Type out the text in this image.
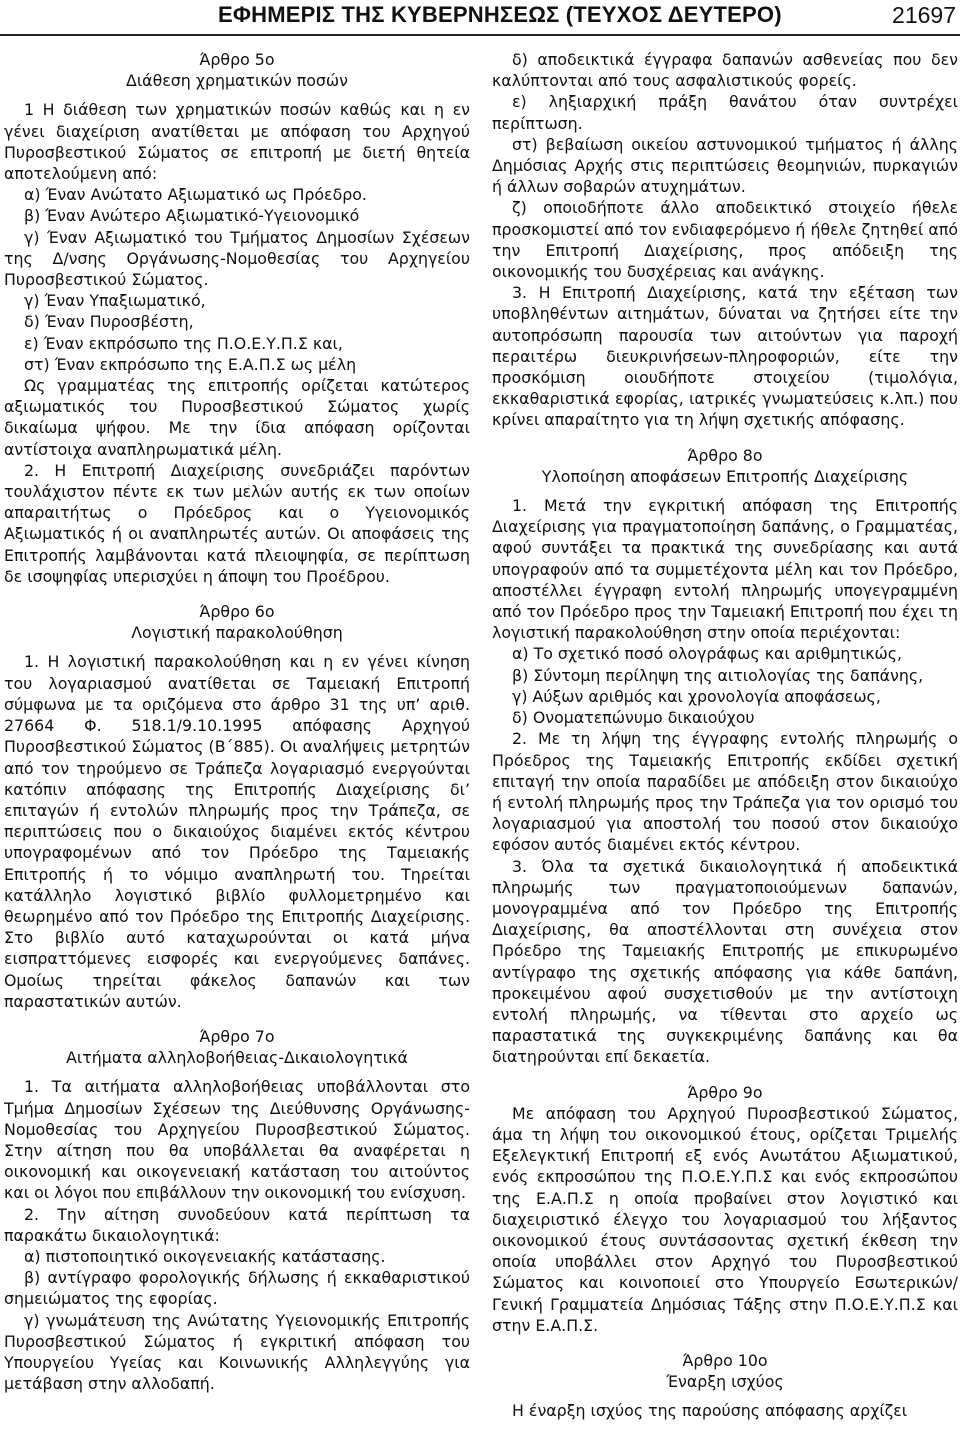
ΕΦΗΜΕΡΙΣ ΤΗΣ ΚΥΒΕΡΝΗΣΕΩΣ (ΤΕΥΧΟΣ ΔΕΥΤΕΡΟ)	21697
Άρθρο 5ο
Διάθεση χρηματικών ποσών

1 Η διάθεση των χρηματικών ποσών καθώς και η εν γένει διαχείριση ανατίθεται με απόφαση του Αρχηγού Πυροσβεστικού Σώματος σε επιτροπή με διετή θητεία αποτελούμενη από:

α) Έναν Ανώτατο Αξιωματικό ως Πρόεδρο.

β) Έναν Ανώτερο Αξιωματικό-Υγειονομικό

γ) Έναν Αξιωματικό του Τμήματος Δημοσίων Σχέσεων της Δ/νσης Οργάνωσης-Νομοθεσίας του Αρχηγείου Πυροσβεστικού Σώματος.

γ) Έναν Υπαξιωματικό,

δ) Έναν Πυροσβέστη,

ε) Έναν εκπρόσωπο της Π.Ο.Ε.Υ.Π.Σ και,

στ) Έναν εκπρόσωπο της Ε.Α.Π.Σ ως μέλη

Ως γραμματέας της επιτροπής ορίζεται κατώτερος αξιωματικός του Πυροσβεστικού Σώματος χωρίς δικαίωμα ψήφου. Με την ίδια απόφαση ορίζονται αντίστοιχα αναπληρωματικά μέλη.

2. Η Επιτροπή Διαχείρισης συνεδριάζει παρόντων τουλάχιστον πέντε εκ των μελών αυτής εκ των οποίων απαραιτήτως ο Πρόεδρος και ο Υγειονομικός Αξιωματικός ή οι αναπληρωτές αυτών. Οι αποφάσεις της Επιτροπής λαμβάνονται κατά πλειοψηφία, σε περίπτωση δε ισοψηφίας υπερισχύει η άποψη του Προέδρου.

Άρθρο 6ο
Λογιστική παρακολούθηση

1. Η λογιστική παρακολούθηση και η εν γένει κίνηση του λογαριασμού ανατίθεται σε Ταμειακή Επιτροπή σύμφωνα με τα οριζόμενα στο άρθρο 31 της υπ’ αριθ. 27664 Φ. 518.1/9.10.1995 απόφασης Αρχηγού Πυροσβεστικού Σώματος (Β΄885). Οι αναλήψεις μετρητών από τον τηρούμενο σε Τράπεζα λογαριασμό ενεργούνται κατόπιν απόφασης της Επιτροπής Διαχείρισης δι’ επιταγών ή εντολών πληρωμής προς την Τράπεζα, σε περιπτώσεις που ο δικαιούχος διαμένει εκτός κέντρου υπογραφομένων από τον Πρόεδρο της Ταμειακής Επιτροπής ή το νόμιμο αναπληρωτή του. Τηρείται κατάλληλο λογιστικό βιβλίο φυλλομετρημένο και θεωρημένο από τον Πρόεδρο της Επιτροπής Διαχείρισης. Στο βιβλίο αυτό καταχωρούνται οι κατά μήνα εισπραττόμενες εισφορές και ενεργούμενες δαπάνες. Ομοίως τηρείται φάκελος δαπανών και των παραστατικών αυτών.

Άρθρο 7ο
Αιτήματα αλληλοβοήθειας-Δικαιολογητικά

1. Τα αιτήματα αλληλοβοήθειας υποβάλλονται στο Τμήμα Δημοσίων Σχέσεων της Διεύθυνσης Οργάνωσης-Νομοθεσίας του Αρχηγείου Πυροσβεστικού Σώματος. Στην αίτηση που θα υποβάλλεται θα αναφέρεται η οικονομική και οικογενειακή κατάσταση του αιτούντος και οι λόγοι που επιβάλλουν την οικονομική του ενίσχυση.

2. Την αίτηση συνοδεύουν κατά περίπτωση τα παρακάτω δικαιολογητικά:

α) πιστοποιητικό οικογενειακής κατάστασης.

β) αντίγραφο φορολογικής δήλωσης ή εκκαθαριστικού σημειώματος της εφορίας.

γ) γνωμάτευση της Ανώτατης Υγειονομικής Επιτροπής Πυροσβεστικού Σώματος ή εγκριτική απόφαση του Υπουργείου Υγείας και Κοινωνικής Αλληλεγγύης για μετάβαση στην αλλοδαπή.

δ) αποδεικτικά έγγραφα δαπανών ασθενείας που δεν καλύπτονται από τους ασφαλιστικούς φορείς.

ε) ληξιαρχική πράξη θανάτου όταν συντρέχει περίπτωση.

στ) βεβαίωση οικείου αστυνομικού τμήματος ή άλλης Δημόσιας Αρχής στις περιπτώσεις θεομηνιών, πυρκαγιών ή άλλων σοβαρών ατυχημάτων.

ζ) οποιοδήποτε άλλο αποδεικτικό στοιχείο ήθελε προσκομιστεί από τον ενδιαφερόμενο ή ήθελε ζητηθεί από την Επιτροπή Διαχείρισης, προς απόδειξη της οικονομικής του δυσχέρειας και ανάγκης.

3. Η Επιτροπή Διαχείρισης, κατά την εξέταση των υποβληθέντων αιτημάτων, δύναται να ζητήσει είτε την αυτοπρόσωπη παρουσία των αιτούντων για παροχή περαιτέρω διευκρινήσεων-πληροφοριών, είτε την προσκόμιση οιουδήποτε στοιχείου (τιμολόγια, εκκαθαριστικά εφορίας, ιατρικές γνωματεύσεις κ.λπ.) που κρίνει απαραίτητο για τη λήψη σχετικής απόφασης.

Άρθρο 8ο
Υλοποίηση αποφάσεων Επιτροπής Διαχείρισης

1. Μετά την εγκριτική απόφαση της Επιτροπής Διαχείρισης για πραγματοποίηση δαπάνης, ο Γραμματέας, αφού συντάξει τα πρακτικά της συνεδρίασης και αυτά υπογραφούν από τα συμμετέχοντα μέλη και τον Πρόεδρο, αποστέλλει έγγραφη εντολή πληρωμής υπογεγραμμένη από τον Πρόεδρο προς την Ταμειακή Επιτροπή που έχει τη λογιστική παρακολούθηση στην οποία περιέχονται:

α) Το σχετικό ποσό ολογράφως και αριθμητικώς,

β) Σύντομη περίληψη της αιτιολογίας της δαπάνης,

γ) Αύξων αριθμός και χρονολογία αποφάσεως,

δ) Ονοματεπώνυμο δικαιούχου

2. Με τη λήψη της έγγραφης εντολής πληρωμής ο Πρόεδρος της Ταμειακής Επιτροπής εκδίδει σχετική επιταγή την οποία παραδίδει με απόδειξη στον δικαιούχο ή εντολή πληρωμής προς την Τράπεζα για τον ορισμό του λογαριασμού για αποστολή του ποσού στον δικαιούχο εφόσον αυτός διαμένει εκτός κέντρου.

3. Όλα τα σχετικά δικαιολογητικά ή αποδεικτικά πληρωμής των πραγματοποιούμενων δαπανών, μονογραμμένα από τον Πρόεδρο της Επιτροπής Διαχείρισης, θα αποστέλλονται στη συνέχεια στον Πρόεδρο της Ταμειακής Επιτροπής με επικυρωμένο αντίγραφο της σχετικής απόφασης για κάθε δαπάνη, προκειμένου αφού συσχετισθούν με την αντίστοιχη εντολή πληρωμής, να τίθενται στο αρχείο ως παραστατικά της συγκεκριμένης δαπάνης και θα διατηρούνται επί δεκαετία.

Άρθρο 9ο

Με απόφαση του Αρχηγού Πυροσβεστικού Σώματος, άμα τη λήψη του οικονομικού έτους, ορίζεται Τριμελής Εξελεγκτική Επιτροπή εξ ενός Ανωτάτου Αξιωματικού, ενός εκπροσώπου της Π.Ο.Ε.Υ.Π.Σ και ενός εκπροσώπου της Ε.Α.Π.Σ η οποία προβαίνει στον λογιστικό και διαχειριστικό έλεγχο του λογαριασμού του λήξαντος οικονομικού έτους συντάσσοντας σχετική έκθεση την οποία υποβάλλει στον Αρχηγό του Πυροσβεστικού Σώματος και κοινοποιεί στο Υπουργείο Εσωτερικών/Γενική Γραμματεία Δημόσιας Τάξης στην Π.Ο.Ε.Υ.Π.Σ και στην Ε.Α.Π.Σ.

Άρθρο 10ο
Έναρξη ισχύος

Η έναρξη ισχύος της παρούσης απόφασης αρχίζει
